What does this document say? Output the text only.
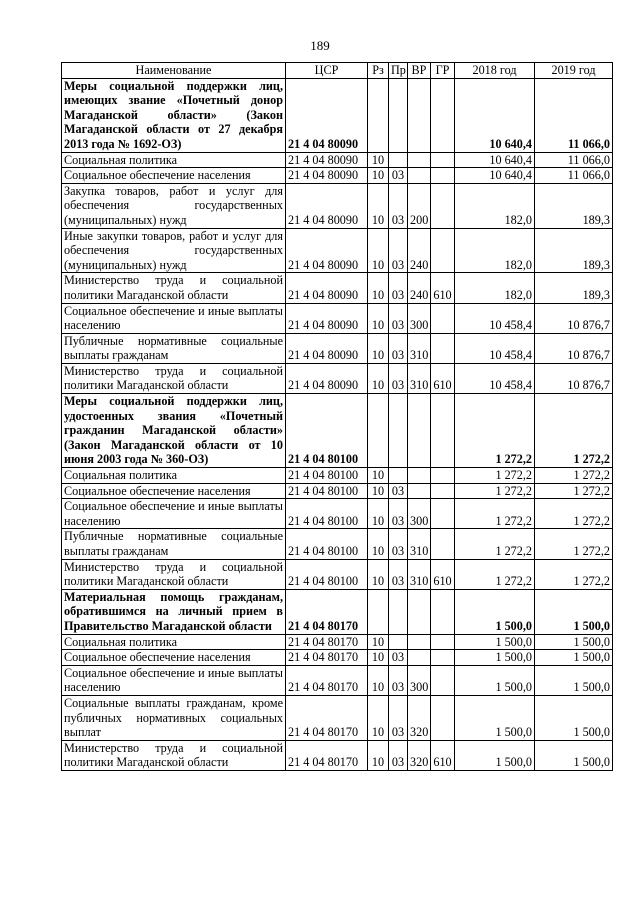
189
Наименование	ЦСР	Рз	Пр	ВР	ГР	2018 год	2019 год
Меры социальной поддержки лиц, имеющих звание «Почетный донор Магаданской области» (Закон Магаданской области от 27 декабря 2013 года № 1692-ОЗ)	21 4 04 80090					10 640,4	11 066,0
Социальная политика	21 4 04 80090	10				10 640,4	11 066,0
Социальное обеспечение населения	21 4 04 80090	10	03			10 640,4	11 066,0
Закупка товаров, работ и услуг для обеспечения государственных (муниципальных) нужд	21 4 04 80090	10	03	200		182,0	189,3
Иные закупки товаров, работ и услуг для обеспечения государственных (муниципальных) нужд	21 4 04 80090	10	03	240		182,0	189,3
Министерство труда и социальной политики Магаданской области	21 4 04 80090	10	03	240	610	182,0	189,3
Социальное обеспечение и иные выплаты населению	21 4 04 80090	10	03	300		10 458,4	10 876,7
Публичные нормативные социальные выплаты гражданам	21 4 04 80090	10	03	310		10 458,4	10 876,7
Министерство труда и социальной политики Магаданской области	21 4 04 80090	10	03	310	610	10 458,4	10 876,7
Меры социальной поддержки лиц, удостоенных звания «Почетный гражданин Магаданской области» (Закон Магаданской области от 10 июня 2003 года № 360-ОЗ)	21 4 04 80100					1 272,2	1 272,2
Социальная политика	21 4 04 80100	10				1 272,2	1 272,2
Социальное обеспечение населения	21 4 04 80100	10	03			1 272,2	1 272,2
Социальное обеспечение и иные выплаты населению	21 4 04 80100	10	03	300		1 272,2	1 272,2
Публичные нормативные социальные выплаты гражданам	21 4 04 80100	10	03	310		1 272,2	1 272,2
Министерство труда и социальной политики Магаданской области	21 4 04 80100	10	03	310	610	1 272,2	1 272,2
Материальная помощь гражданам, обратившимся на личный прием в Правительство Магаданской области	21 4 04 80170					1 500,0	1 500,0
Социальная политика	21 4 04 80170	10				1 500,0	1 500,0
Социальное обеспечение населения	21 4 04 80170	10	03			1 500,0	1 500,0
Социальное обеспечение и иные выплаты населению	21 4 04 80170	10	03	300		1 500,0	1 500,0
Социальные выплаты гражданам, кроме публичных нормативных социальных выплат	21 4 04 80170	10	03	320		1 500,0	1 500,0
Министерство труда и социальной политики Магаданской области	21 4 04 80170	10	03	320	610	1 500,0	1 500,0
